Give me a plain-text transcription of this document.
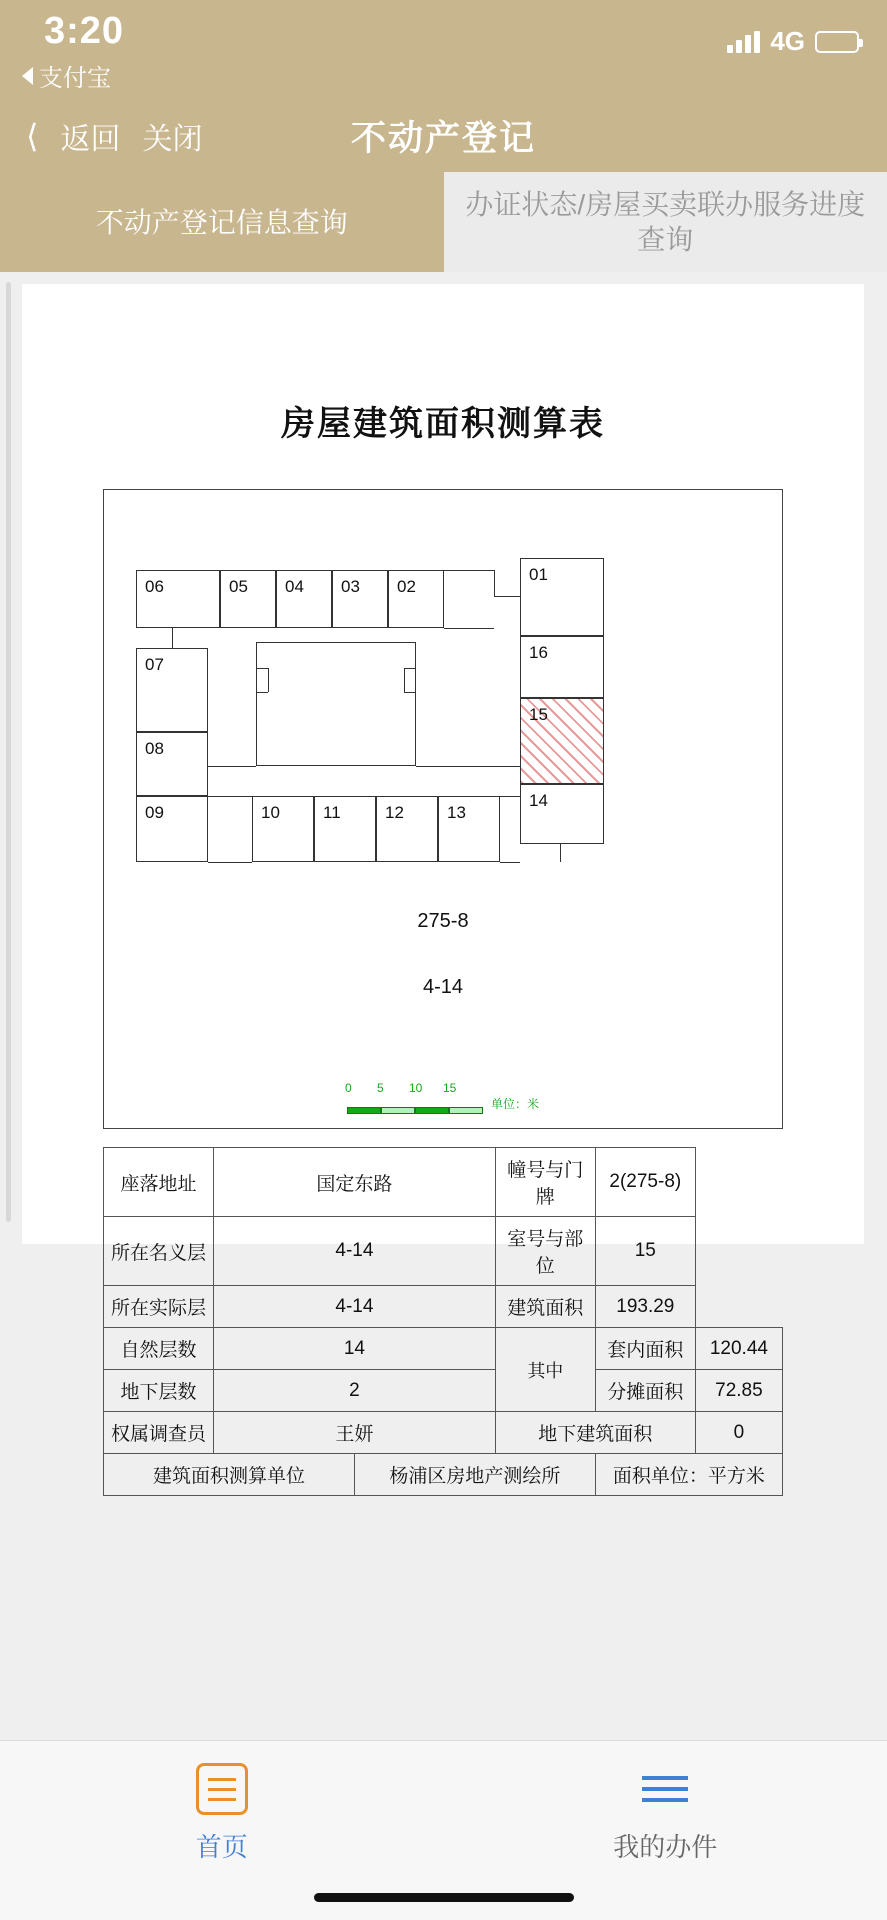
3:20
支付宝
4G
⟨ 返回 关闭	不动产登记
不动产登记信息查询
办证状态/房屋买卖联办服务进度查询
房屋建筑面积测算表
06	05 04 03 02
01
16
15
14
07
08
09	10	11	12	13
275-8
4-14
0 5 10 15
单位：米
座落地址	国定东路		幢号与门牌	2(275-8)	
所在名义层	4-14		室号与部位	15	
所在实际层	4-14		建筑面积	193.29	
自然层数	14		其中	套内面积	120.44
地下层数	2			分摊面积	72.85
权属调查员	王妍		地下建筑面积		0
建筑面积测算单位		杨浦区房地产测绘所		面积单位：平方米	
首页	我的办件
